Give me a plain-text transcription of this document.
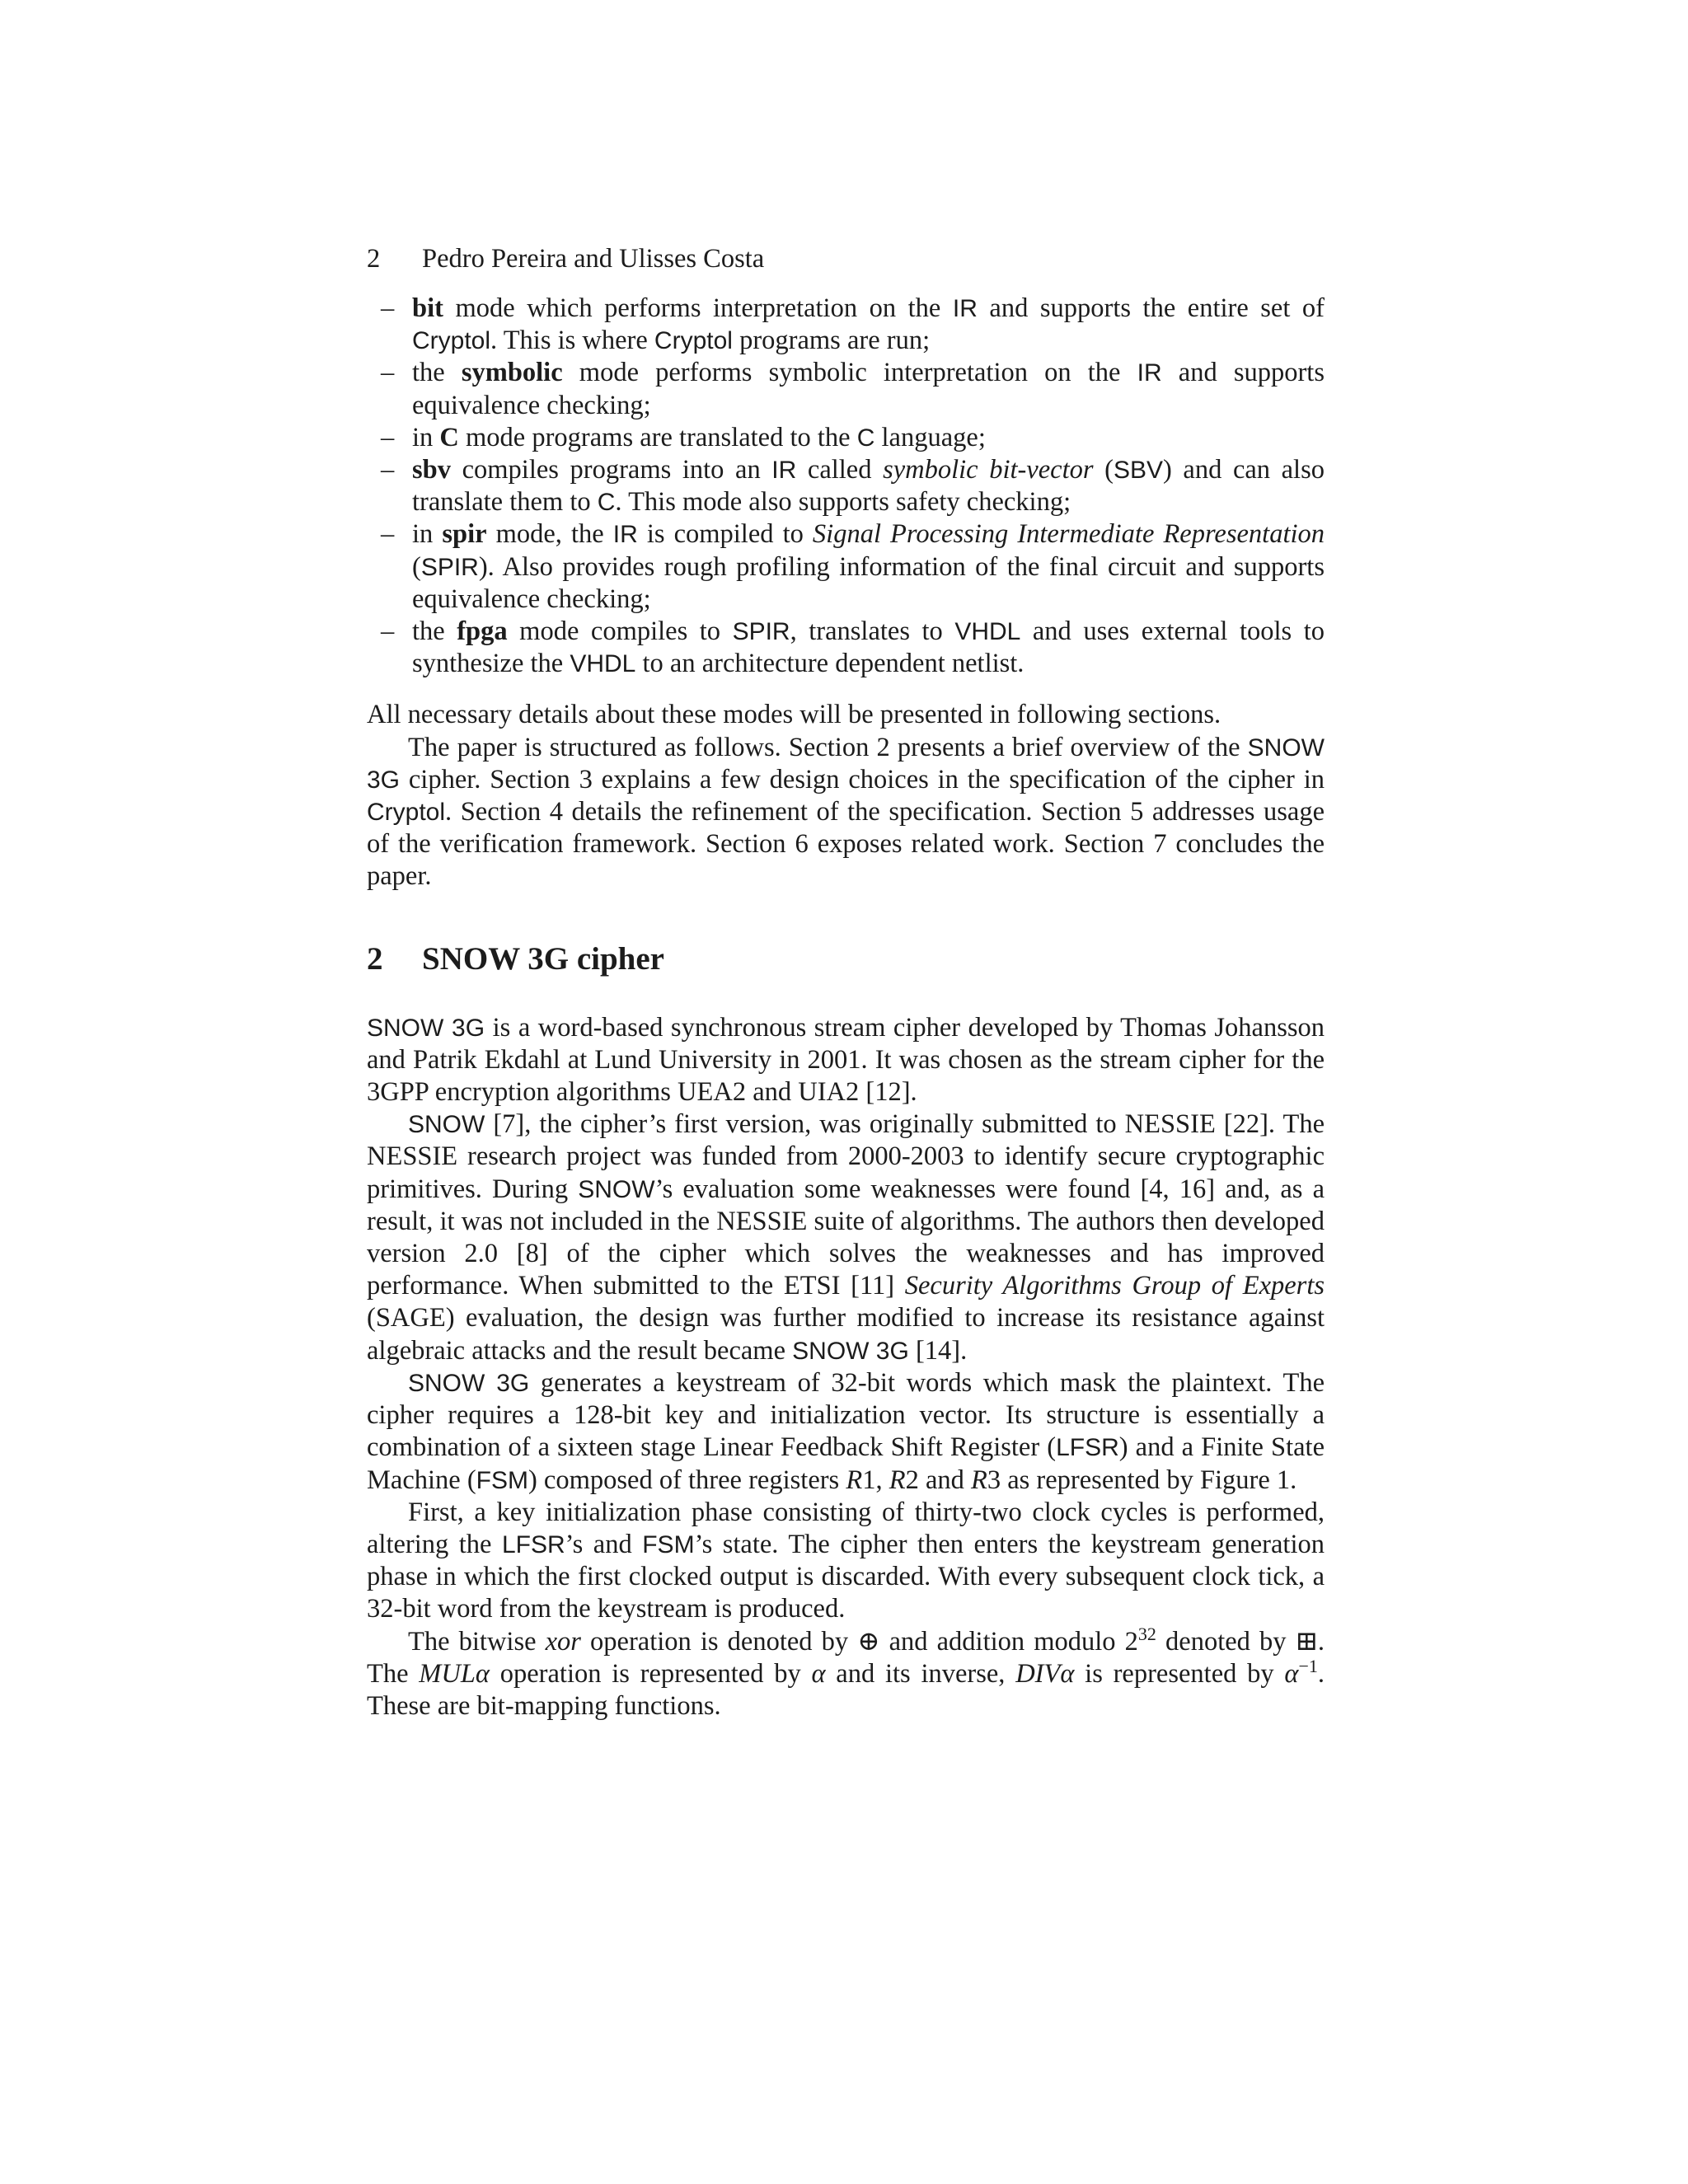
2	Pedro Pereira and Ulisses Costa
– bit mode which performs interpretation on the IR and supports the entire set of Cryptol. This is where Cryptol programs are run;
– the symbolic mode performs symbolic interpretation on the IR and supports equivalence checking;
– in C mode programs are translated to the C language;
– sbv compiles programs into an IR called symbolic bit-vector (SBV) and can also translate them to C. This mode also supports safety checking;
– in spir mode, the IR is compiled to Signal Processing Intermediate Representation (SPIR). Also provides rough profiling information of the final circuit and supports equivalence checking;
– the fpga mode compiles to SPIR, translates to VHDL and uses external tools to synthesize the VHDL to an architecture dependent netlist.

All necessary details about these modes will be presented in following sections.

The paper is structured as follows. Section 2 presents a brief overview of the SNOW 3G cipher. Section 3 explains a few design choices in the specification of the cipher in Cryptol. Section 4 details the refinement of the specification. Section 5 addresses usage of the verification framework. Section 6 exposes related work. Section 7 concludes the paper.

2 SNOW 3G cipher

SNOW 3G is a word-based synchronous stream cipher developed by Thomas Johansson and Patrik Ekdahl at Lund University in 2001. It was chosen as the stream cipher for the 3GPP encryption algorithms UEA2 and UIA2 [12].

SNOW [7], the cipher’s first version, was originally submitted to NESSIE [22]. The NESSIE research project was funded from 2000-2003 to identify secure cryptographic primitives. During SNOW’s evaluation some weaknesses were found [4, 16] and, as a result, it was not included in the NESSIE suite of algorithms. The authors then developed version 2.0 [8] of the cipher which solves the weaknesses and has improved performance. When submitted to the ETSI [11] Security Algorithms Group of Experts (SAGE) evaluation, the design was further modified to increase its resistance against algebraic attacks and the result became SNOW 3G [14].

SNOW 3G generates a keystream of 32-bit words which mask the plaintext. The cipher requires a 128-bit key and initialization vector. Its structure is essentially a combination of a sixteen stage Linear Feedback Shift Register (LFSR) and a Finite State Machine (FSM) composed of three registers R1, R2 and R3 as represented by Figure 1.

First, a key initialization phase consisting of thirty-two clock cycles is performed, altering the LFSR’s and FSM’s state. The cipher then enters the keystream generation phase in which the first clocked output is discarded. With every subsequent clock tick, a 32-bit word from the keystream is produced.

The bitwise xor operation is denoted by ⊕ and addition modulo $2^{32}$ denoted by ⊞. The MULα operation is represented by α and its inverse, DIVα is represented by $\alpha^{-1}$. These are bit-mapping functions.
